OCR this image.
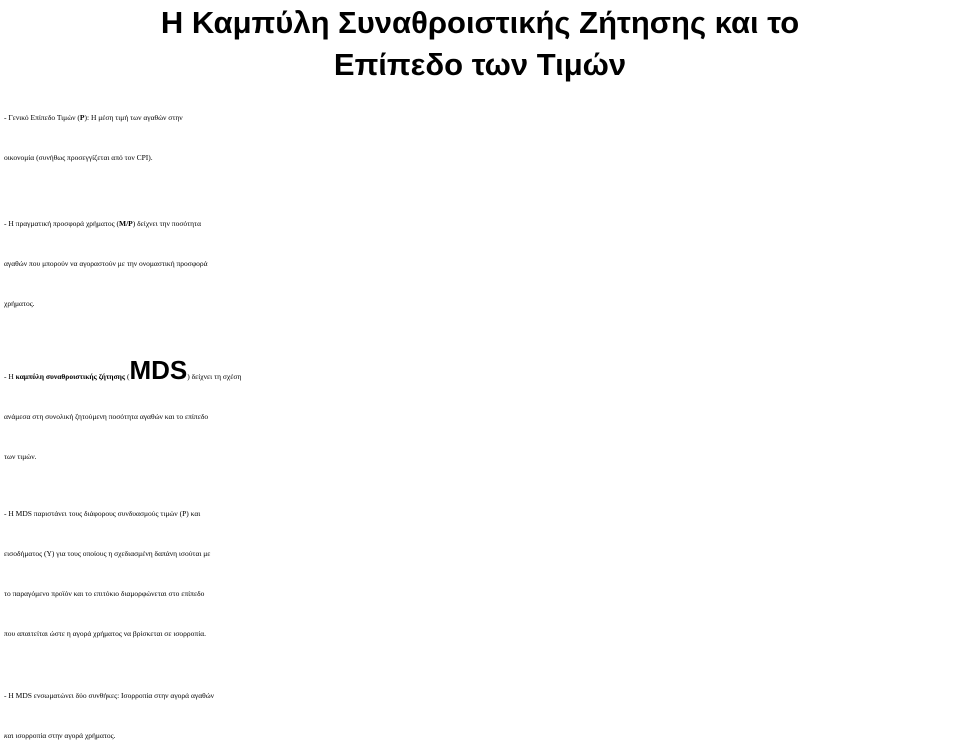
Η Καμπύλη Συναθροιστικής Ζήτησης και το
Επίπεδο των Τιμών

- Γενικό Επίπεδο Τιμών (P): Η μέση τιμή των αγαθών στην
οικονομία (συνήθως προσεγγίζεται από τον CPI).

- Η πραγματική προσφορά χρήματος (M/P) δείχνει την ποσότητα
αγαθών που μπορούν να αγοραστούν με την ονομαστική προσφορά
χρήματος.

- Η καμπύλη συναθροιστικής ζήτησης (MDS) δείχνει τη σχέση
ανάμεσα στη συνολική ζητούμενη ποσότητα αγαθών και το επίπεδο
των τιμών.

- Η MDS παριστάνει τους διάφορους συνδυασμούς τιμών (P) και
εισοδήματος (Y) για τους οποίους η σχεδιασμένη δαπάνη ισούται με
το παραγόμενο προϊόν και το επιτόκιο διαμορφώνεται στο επίπεδο
που απαιτείται ώστε η αγορά χρήματος να βρίσκεται σε ισορροπία.

- Η MDS ενσωματώνει δύο συνθήκες: Ισορροπία στην αγορά αγαθών
και ισορροπία στην αγορά χρήματος.
